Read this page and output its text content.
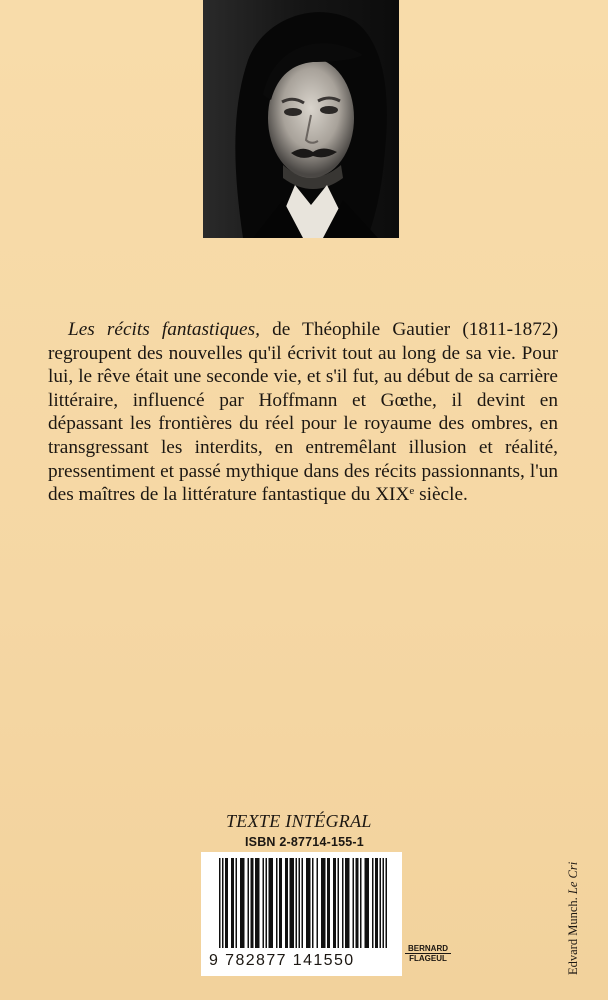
Les récits fantastiques, de Théophile Gautier (1811-1872) regroupent des nouvelles qu'il écrivit tout au long de sa vie. Pour lui, le rêve était une seconde vie, et s'il fut, au début de sa carrière littéraire, influencé par Hoffmann et Gœthe, il devint en dépassant les frontières du réel pour le royaume des ombres, en transgressant les interdits, en entremêlant illusion et réalité, pressentiment et passé mythique dans des récits passionnants, l'un des maîtres de la littérature fantastique du XIXe siècle.

TEXTE INTÉGRAL
ISBN 2-87714-155-1
9 782877 141550
BERNARD
FLAGEUL	Edvard Munch. Le Cri
